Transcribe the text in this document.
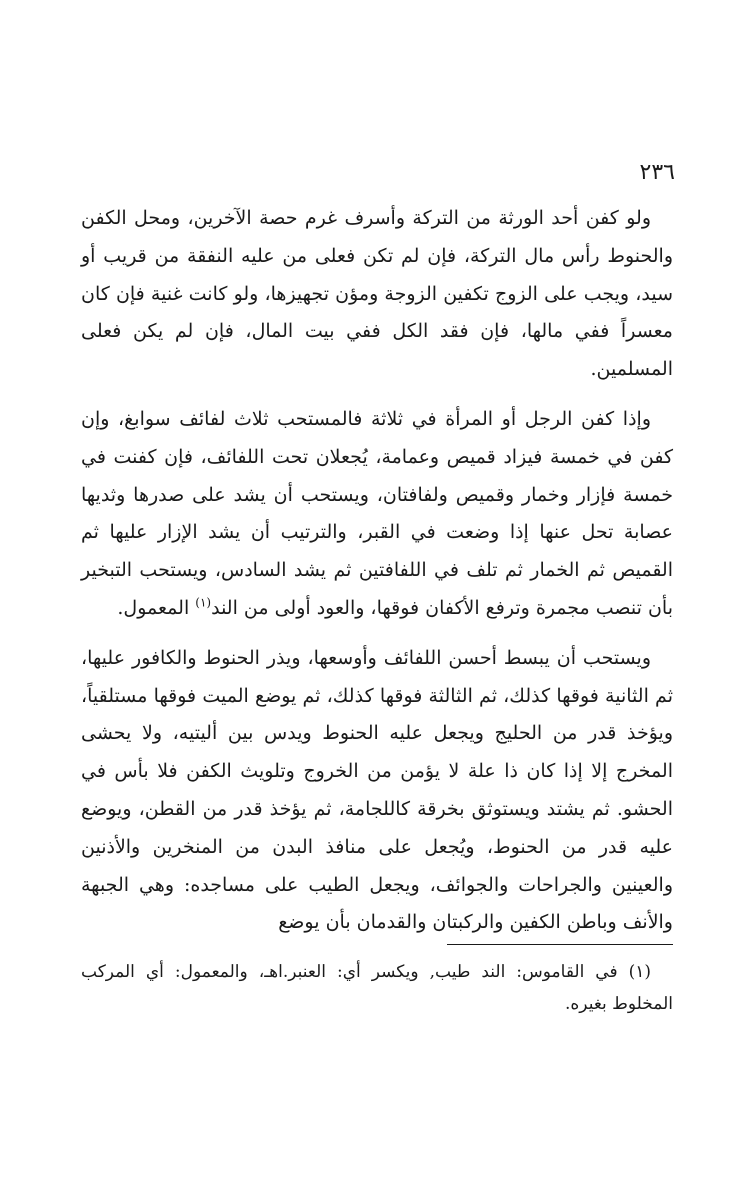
٢٣٦

ولو كفن أحد الورثة من التركة وأسرف غرم حصة الآخرين، ومحل الكفن والحنوط رأس مال التركة، فإن لم تكن فعلى من عليه النفقة من قريب أو سيد، ويجب على الزوج تكفين الزوجة ومؤن تجهيزها، ولو كانت غنية فإن كان معسراً ففي مالها، فإن فقد الكل ففي بيت المال، فإن لم يكن فعلى المسلمين.

وإذا كفن الرجل أو المرأة في ثلاثة فالمستحب ثلاث لفائف سوابغ، وإن كفن في خمسة فيزاد قميص وعمامة، يُجعلان تحت اللفائف، فإن كفنت في خمسة فإزار وخمار وقميص ولفافتان، ويستحب أن يشد على صدرها وثديها عصابة تحل عنها إذا وضعت في القبر، والترتيب أن يشد الإزار عليها ثم القميص ثم الخمار ثم تلف في اللفافتين ثم يشد السادس، ويستحب التبخير بأن تنصب مجمرة وترفع الأكفان فوقها، والعود أولى من الند$^{(١)}$ المعمول.

ويستحب أن يبسط أحسن اللفائف وأوسعها، ويذر الحنوط والكافور عليها، ثم الثانية فوقها كذلك، ثم الثالثة فوقها كذلك، ثم يوضع الميت فوقها مستلقياً، ويؤخذ قدر من الحليج ويجعل عليه الحنوط ويدس بين أليتيه، ولا يحشى المخرج إلا إذا كان ذا علة لا يؤمن من الخروج وتلويث الكفن فلا بأس في الحشو. ثم يشتد ويستوثق بخرقة كاللجامة، ثم يؤخذ قدر من القطن، ويوضع عليه قدر من الحنوط، ويُجعل على منافذ البدن من المنخرين والأذنين والعينين والجراحات والجوائف، ويجعل الطيب على مساجده: وهي الجبهة والأنف وباطن الكفين والركبتان والقدمان بأن يوضع

(١) في القاموس: الند طيب, ويكسر أي: العنبر.اهـ، والمعمول: أي المركب المخلوط بغيره.
